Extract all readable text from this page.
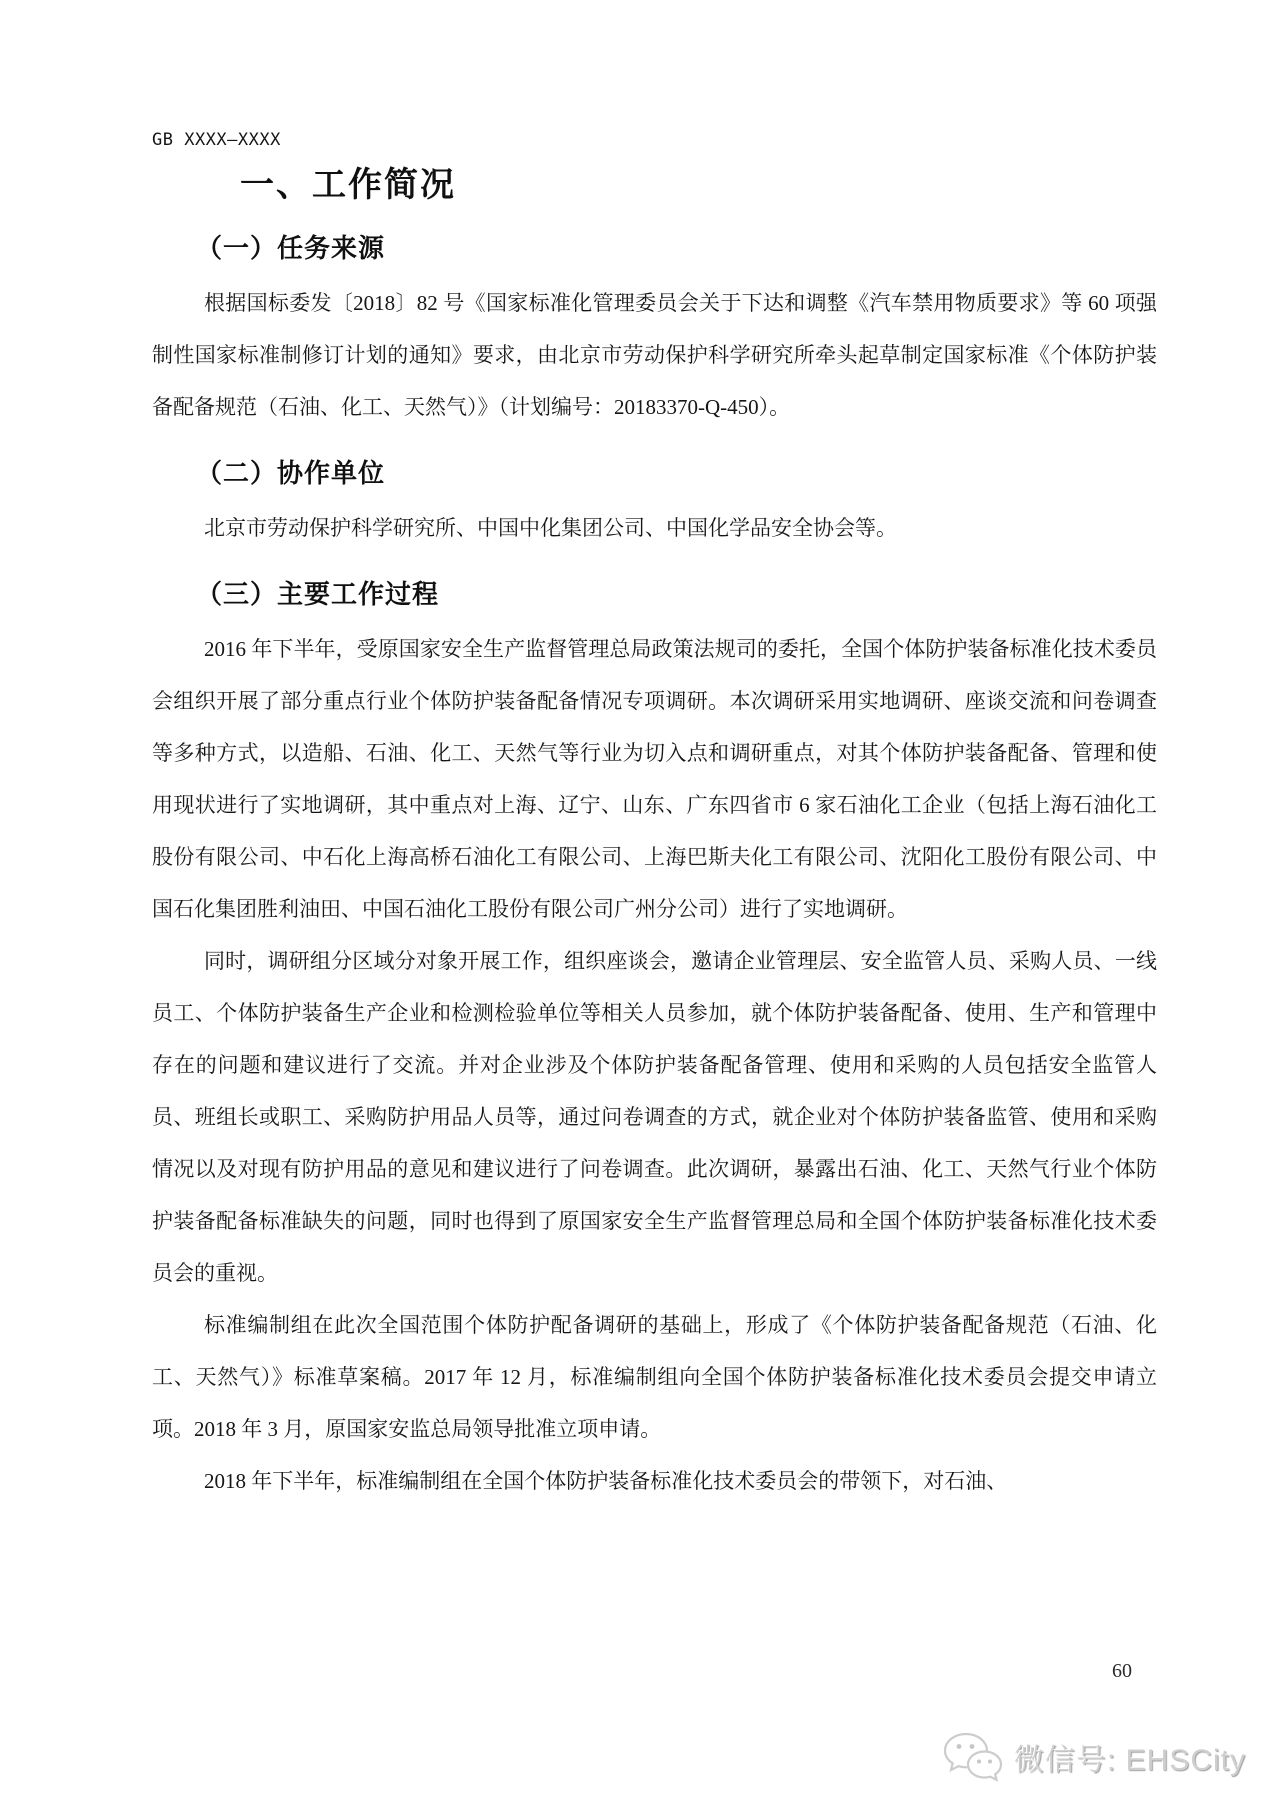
GB XXXX—XXXX
一、工作简况
（一）任务来源

根据国标委发〔2018〕82 号《国家标准化管理委员会关于下达和调整《汽车禁用物质要求》等 60 项强制性国家标准制修订计划的通知》要求，由北京市劳动保护科学研究所牵头起草制定国家标准《个体防护装备配备规范（石油、化工、天然气）》（计划编号：20183370-Q-450）。

（二）协作单位

北京市劳动保护科学研究所、中国中化集团公司、中国化学品安全协会等。

（三）主要工作过程

2016 年下半年，受原国家安全生产监督管理总局政策法规司的委托，全国个体防护装备标准化技术委员会组织开展了部分重点行业个体防护装备配备情况专项调研。本次调研采用实地调研、座谈交流和问卷调查等多种方式，以造船、石油、化工、天然气等行业为切入点和调研重点，对其个体防护装备配备、管理和使用现状进行了实地调研，其中重点对上海、辽宁、山东、广东四省市 6 家石油化工企业（包括上海石油化工股份有限公司、中石化上海高桥石油化工有限公司、上海巴斯夫化工有限公司、沈阳化工股份有限公司、中国石化集团胜利油田、中国石油化工股份有限公司广州分公司）进行了实地调研。

同时，调研组分区域分对象开展工作，组织座谈会，邀请企业管理层、安全监管人员、采购人员、一线员工、个体防护装备生产企业和检测检验单位等相关人员参加，就个体防护装备配备、使用、生产和管理中存在的问题和建议进行了交流。并对企业涉及个体防护装备配备管理、使用和采购的人员包括安全监管人员、班组长或职工、采购防护用品人员等，通过问卷调查的方式，就企业对个体防护装备监管、使用和采购情况以及对现有防护用品的意见和建议进行了问卷调查。此次调研，暴露出石油、化工、天然气行业个体防护装备配备标准缺失的问题，同时也得到了原国家安全生产监督管理总局和全国个体防护装备标准化技术委员会的重视。

标准编制组在此次全国范围个体防护配备调研的基础上，形成了《个体防护装备配备规范（石油、化工、天然气）》标准草案稿。2017 年 12 月，标准编制组向全国个体防护装备标准化技术委员会提交申请立项。2018 年 3 月，原国家安监总局领导批准立项申请。

2018 年下半年，标准编制组在全国个体防护装备标准化技术委员会的带领下，对石油、

60
微信号: EHSCity
